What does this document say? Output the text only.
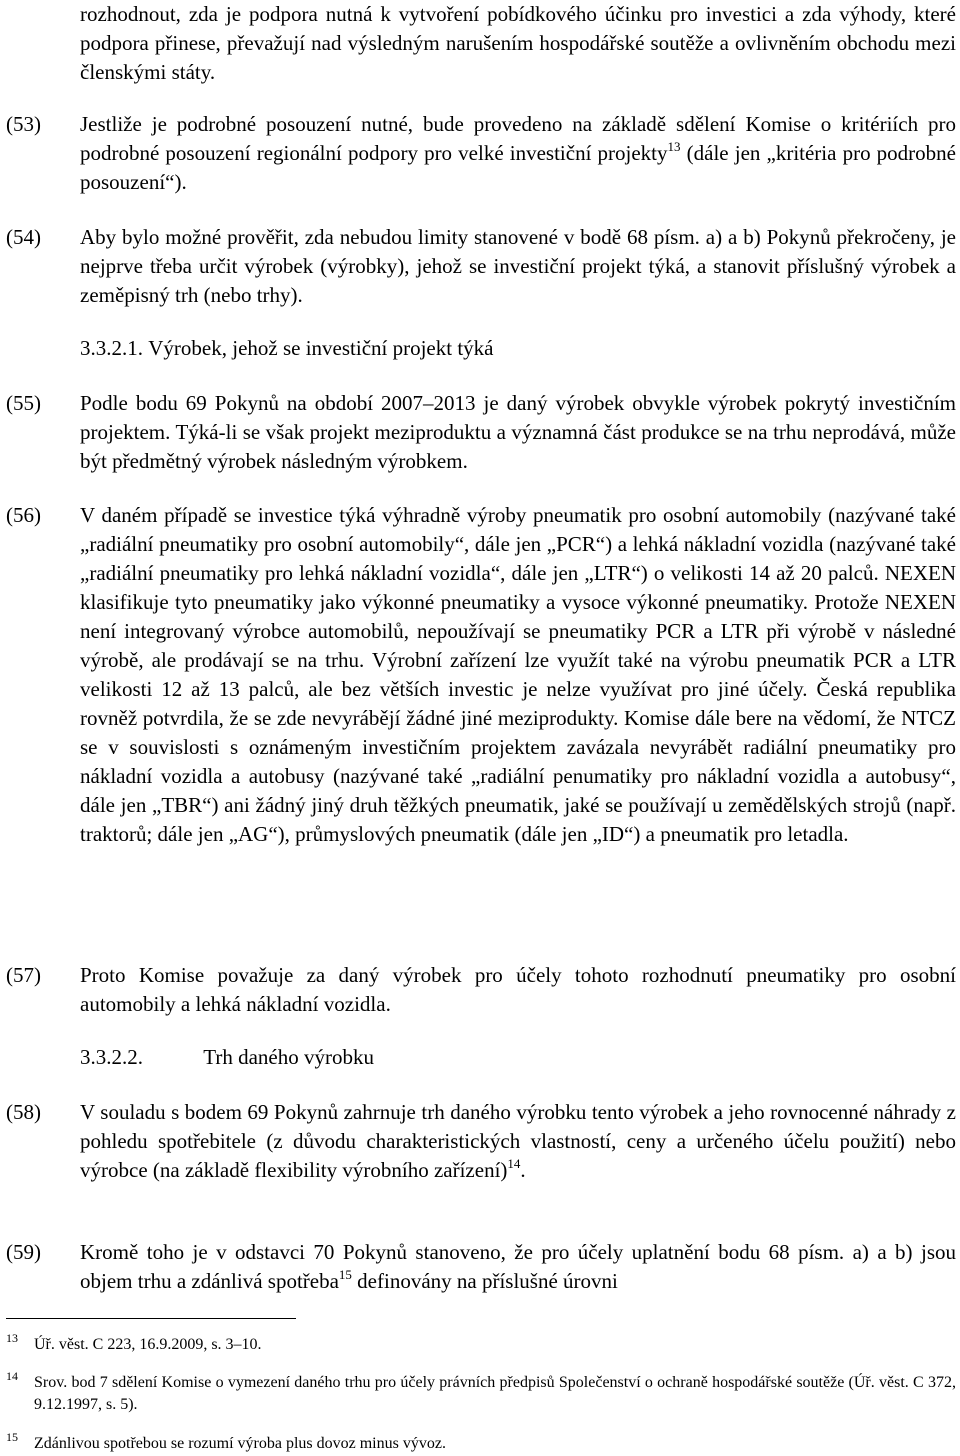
rozhodnout, zda je podpora nutná k vytvoření pobídkového účinku pro investici a zda výhody, které podpora přinese, převažují nad výsledným narušením hospodářské soutěže a ovlivněním obchodu mezi členskými státy.
(53) Jestliže je podrobné posouzení nutné, bude provedeno na základě sdělení Komise o kritériích pro podrobné posouzení regionální podpory pro velké investiční projekty$^{13}$ (dále jen „kritéria pro podrobné posouzení“).
(54) Aby bylo možné prověřit, zda nebudou limity stanovené v bodě 68 písm. a) a b) Pokynů překročeny, je nejprve třeba určit výrobek (výrobky), jehož se investiční projekt týká, a stanovit příslušný výrobek a zeměpisný trh (nebo trhy).
3.3.2.1. Výrobek, jehož se investiční projekt týká
(55) Podle bodu 69 Pokynů na období 2007–2013 je daný výrobek obvykle výrobek pokrytý investičním projektem. Týká-li se však projekt meziproduktu a významná část produkce se na trhu neprodává, může být předmětný výrobek následným výrobkem.
(56) V daném případě se investice týká výhradně výroby pneumatik pro osobní automobily (nazývané také „radiální pneumatiky pro osobní automobily“, dále jen „PCR“) a lehká nákladní vozidla (nazývané také „radiální pneumatiky pro lehká nákladní vozidla“, dále jen „LTR“) o velikosti 14 až 20 palců. NEXEN klasifikuje tyto pneumatiky jako výkonné pneumatiky a vysoce výkonné pneumatiky. Protože NEXEN není integrovaný výrobce automobilů, nepoužívají se pneumatiky PCR a LTR při výrobě v následné výrobě, ale prodávají se na trhu. Výrobní zařízení lze využít také na výrobu pneumatik PCR a LTR velikosti 12 až 13 palců, ale bez větších investic je nelze využívat pro jiné účely. Česká republika rovněž potvrdila, že se zde nevyrábějí žádné jiné meziprodukty. Komise dále bere na vědomí, že NTCZ se v souvislosti s oznámeným investičním projektem zavázala nevyrábět radiální pneumatiky pro nákladní vozidla a autobusy (nazývané také „radiální penumatiky pro nákladní vozidla a autobusy“, dále jen „TBR“) ani žádný jiný druh těžkých pneumatik, jaké se používají u zemědělských strojů (např. traktorů; dále jen „AG“), průmyslových pneumatik (dále jen „ID“) a pneumatik pro letadla.
(57) Proto Komise považuje za daný výrobek pro účely tohoto rozhodnutí pneumatiky pro osobní automobily a lehká nákladní vozidla.
3.3.2.2.	Trh daného výrobku
(58) V souladu s bodem 69 Pokynů zahrnuje trh daného výrobku tento výrobek a jeho rovnocenné náhrady z pohledu spotřebitele (z důvodu charakteristických vlastností, ceny a určeného účelu použití) nebo výrobce (na základě flexibility výrobního zařízení)$^{14}$.
(59) Kromě toho je v odstavci 70 Pokynů stanoveno, že pro účely uplatnění bodu 68 písm. a) a b) jsou objem trhu a zdánlivá spotřeba$^{15}$ definovány na příslušné úrovni
13 Úř. věst. C 223, 16.9.2009, s. 3–10.
14 Srov. bod 7 sdělení Komise o vymezení daného trhu pro účely právních předpisů Společenství o ochraně hospodářské soutěže (Úř. věst. C 372, 9.12.1997, s. 5).
15 Zdánlivou spotřebou se rozumí výroba plus dovoz minus vývoz.
